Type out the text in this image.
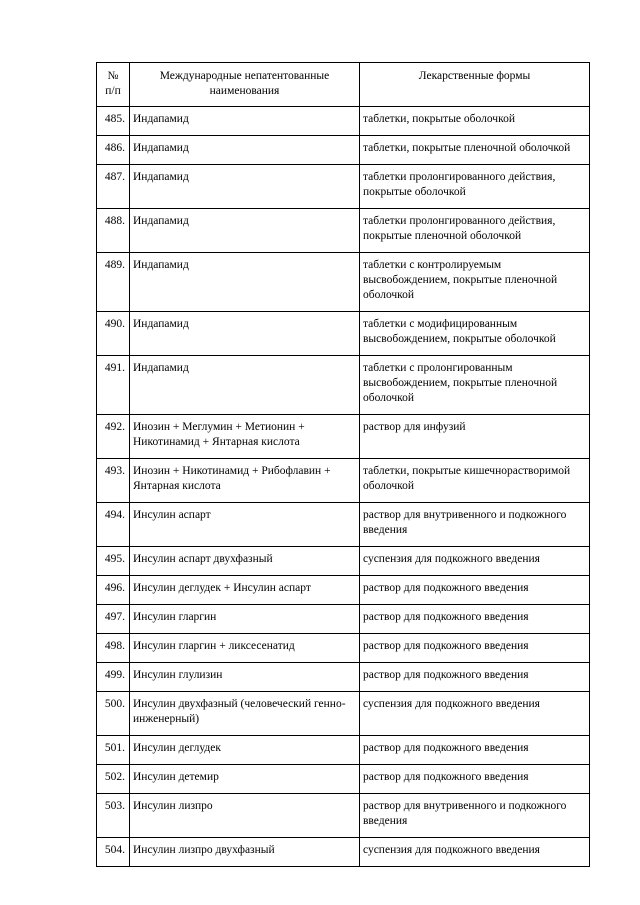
№
п/п	Международные непатентованные наименования	Лекарственные формы
485.	Индапамид	таблетки, покрытые оболочкой
486.	Индапамид	таблетки, покрытые пленочной оболочкой
487.	Индапамид	таблетки пролонгированного действия, покрытые оболочкой
488.	Индапамид	таблетки пролонгированного действия, покрытые пленочной оболочкой
489.	Индапамид	таблетки с контролируемым высвобождением, покрытые пленочной оболочкой
490.	Индапамид	таблетки с модифицированным высвобождением, покрытые оболочкой
491.	Индапамид	таблетки с пролонгированным высвобождением, покрытые пленочной оболочкой
492.	Инозин + Меглумин + Метионин + Никотинамид + Янтарная кислота	раствор для инфузий
493.	Инозин + Никотинамид + Рибофлавин + Янтарная кислота	таблетки, покрытые кишечнорастворимой оболочкой
494.	Инсулин аспарт	раствор для внутривенного и подкожного введения
495.	Инсулин аспарт двухфазный	суспензия для подкожного введения
496.	Инсулин деглудек + Инсулин аспарт	раствор для подкожного введения
497.	Инсулин гларгин	раствор для подкожного введения
498.	Инсулин гларгин + ликсесенатид	раствор для подкожного введения
499.	Инсулин глулизин	раствор для подкожного введения
500.	Инсулин двухфазный (человеческий генно-инженерный)	суспензия для подкожного введения
501.	Инсулин деглудек	раствор для подкожного введения
502.	Инсулин детемир	раствор для подкожного введения
503.	Инсулин лизпро	раствор для внутривенного и подкожного введения
504.	Инсулин лизпро двухфазный	суспензия для подкожного введения
